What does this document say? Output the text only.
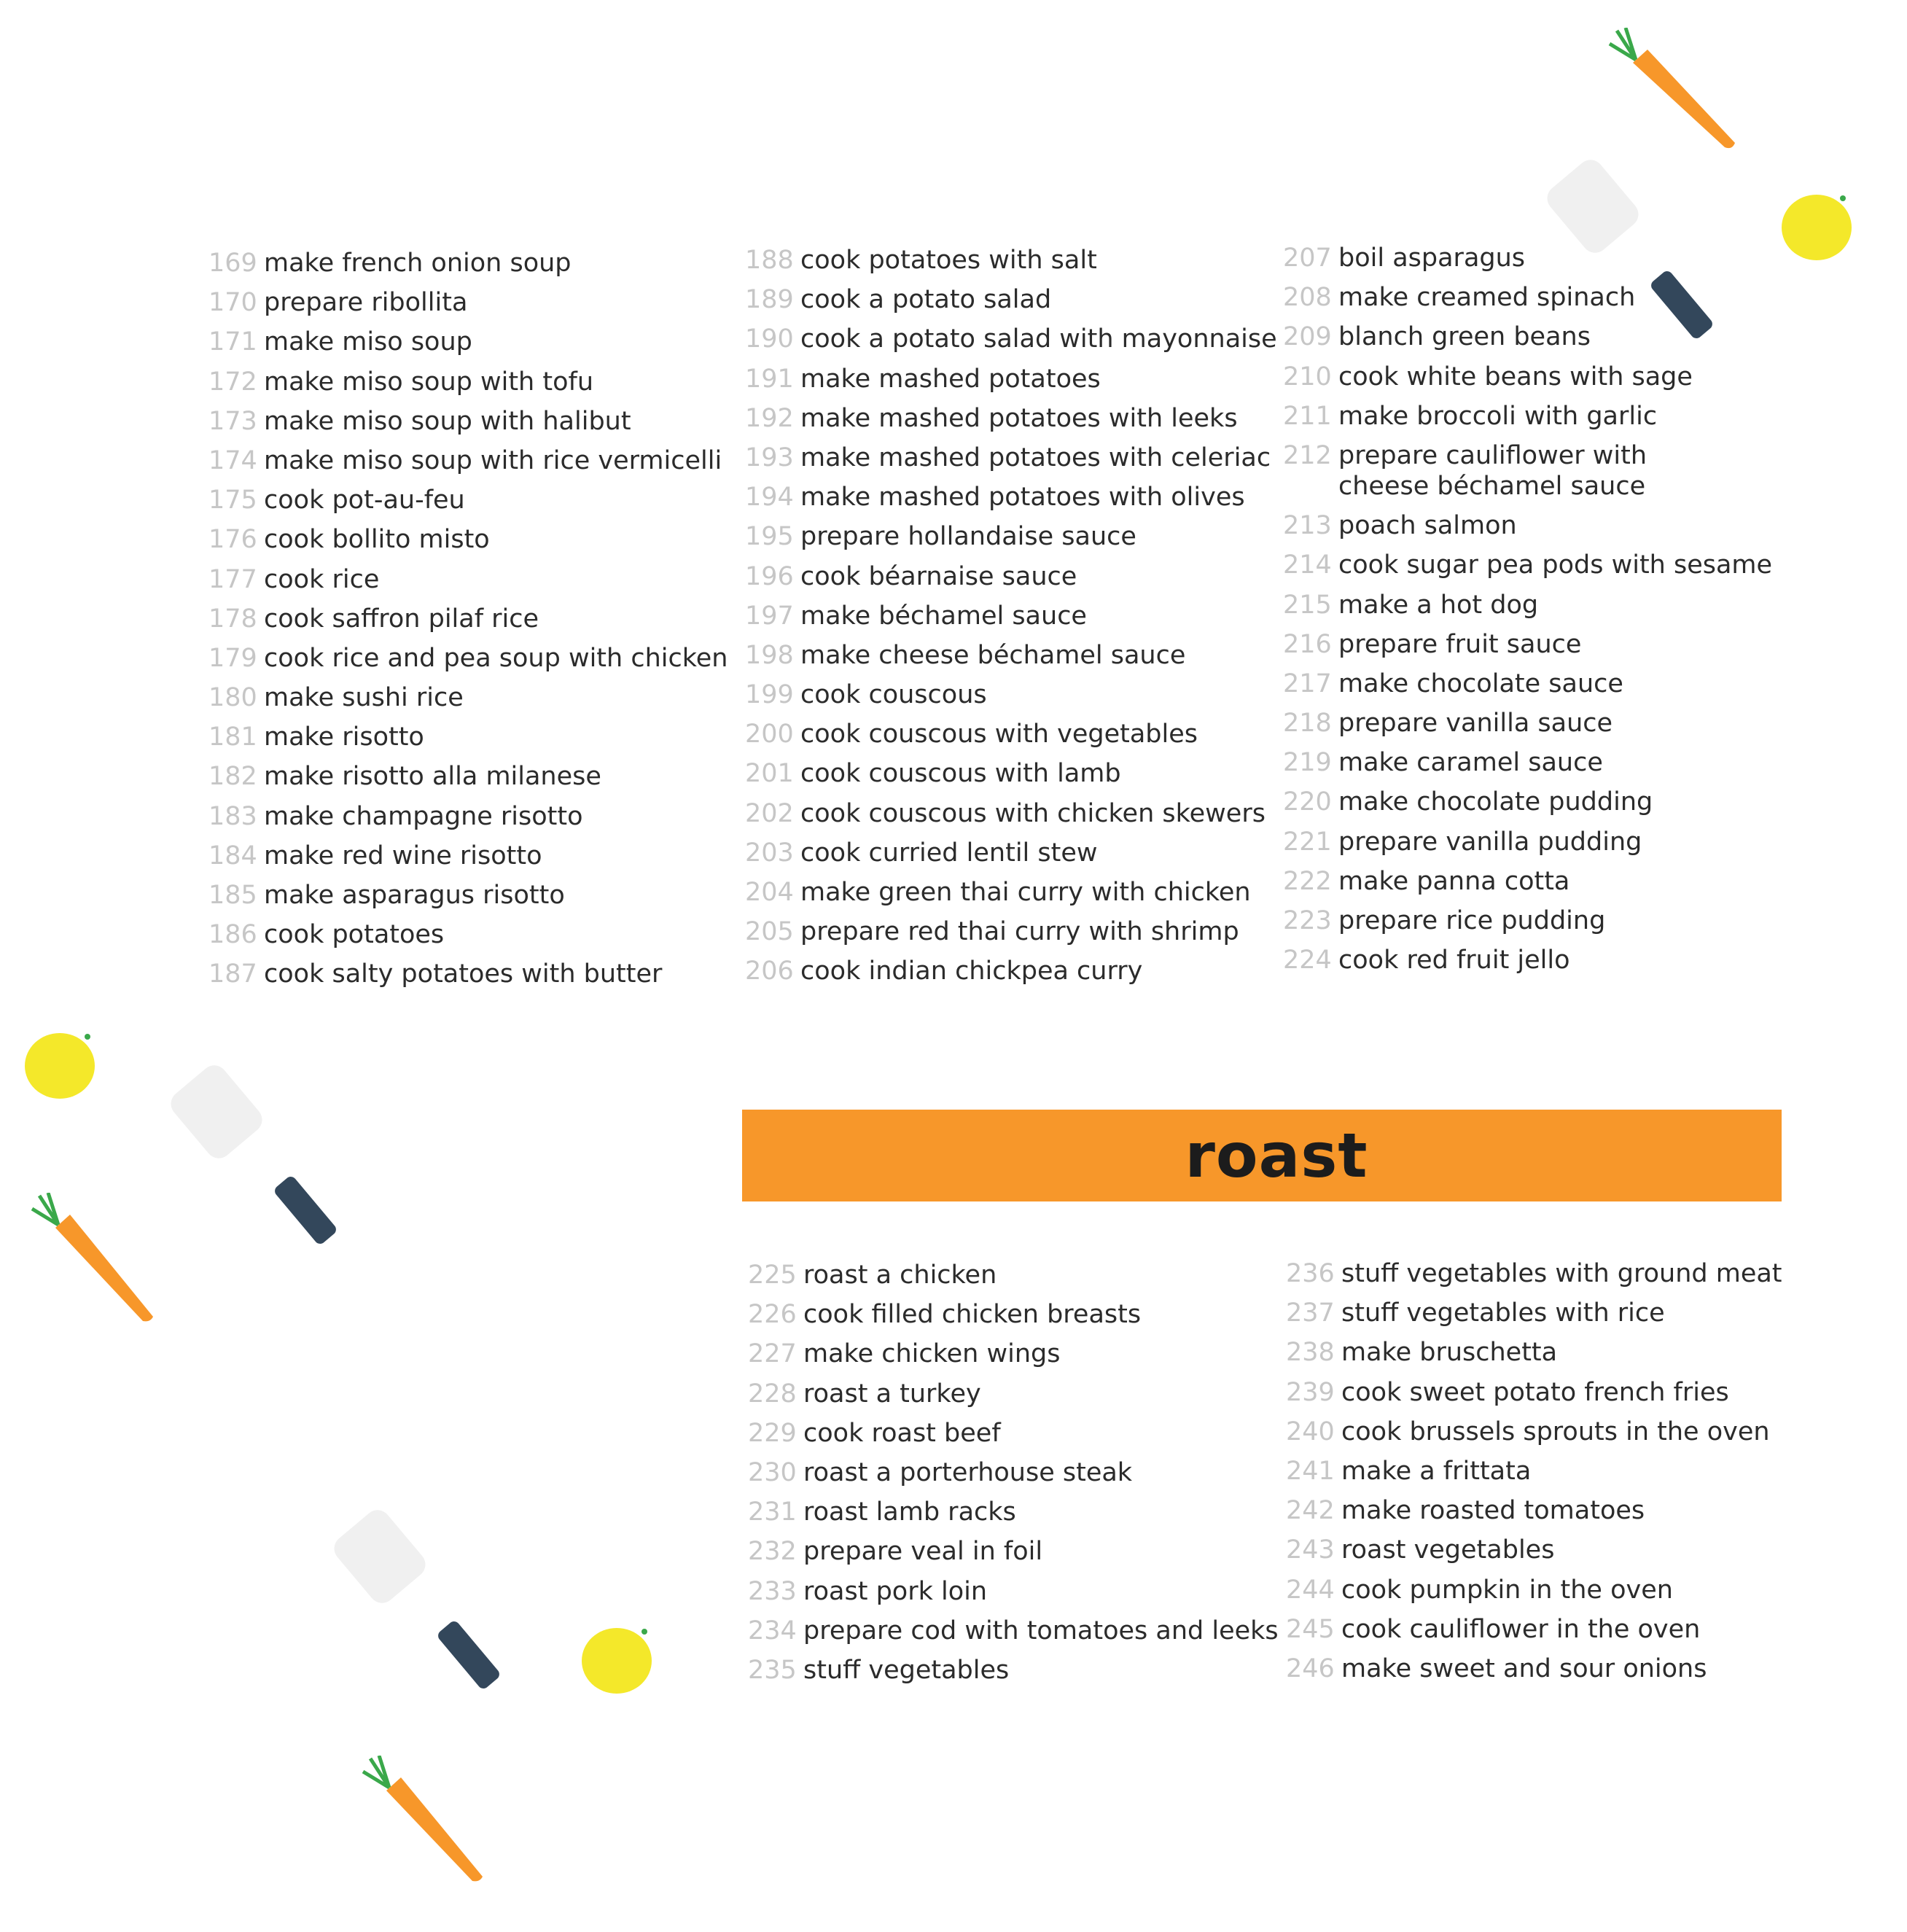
169 make french onion soup
170 prepare ribollita
171 make miso soup
172 make miso soup with tofu
173 make miso soup with halibut
174 make miso soup with rice vermicelli
175 cook pot-au-feu
176 cook bollito misto
177 cook rice
178 cook saffron pilaf rice
179 cook rice and pea soup with chicken
180 make sushi rice
181 make risotto
182 make risotto alla milanese
183 make champagne risotto
184 make red wine risotto
185 make asparagus risotto
186 cook potatoes
187 cook salty potatoes with butter
188 cook potatoes with salt
189 cook a potato salad
190 cook a potato salad with mayonnaise
191 make mashed potatoes
192 make mashed potatoes with leeks
193 make mashed potatoes with celeriac
194 make mashed potatoes with olives
195 prepare hollandaise sauce
196 cook béarnaise sauce
197 make béchamel sauce
198 make cheese béchamel sauce
199 cook couscous
200 cook couscous with vegetables
201 cook couscous with lamb
202 cook couscous with chicken skewers
203 cook curried lentil stew
204 make green thai curry with chicken
205 prepare red thai curry with shrimp
206 cook indian chickpea curry
207 boil asparagus
208 make creamed spinach
209 blanch green beans
210 cook white beans with sage
211 make broccoli with garlic
212 prepare cauliflower with
cheese béchamel sauce
213 poach salmon
214 cook sugar pea pods with sesame
215 make a hot dog
216 prepare fruit sauce
217 make chocolate sauce
218 prepare vanilla sauce
219 make caramel sauce
220 make chocolate pudding
221 prepare vanilla pudding
222 make panna cotta
223 prepare rice pudding
224 cook red fruit jello
roast
225 roast a chicken
226 cook filled chicken breasts
227 make chicken wings
228 roast a turkey
229 cook roast beef
230 roast a porterhouse steak
231 roast lamb racks
232 prepare veal in foil
233 roast pork loin
234 prepare cod with tomatoes and leeks
235 stuff vegetables
236 stuff vegetables with ground meat
237 stuff vegetables with rice
238 make bruschetta
239 cook sweet potato french fries
240 cook brussels sprouts in the oven
241 make a frittata
242 make roasted tomatoes
243 roast vegetables
244 cook pumpkin in the oven
245 cook cauliflower in the oven
246 make sweet and sour onions
